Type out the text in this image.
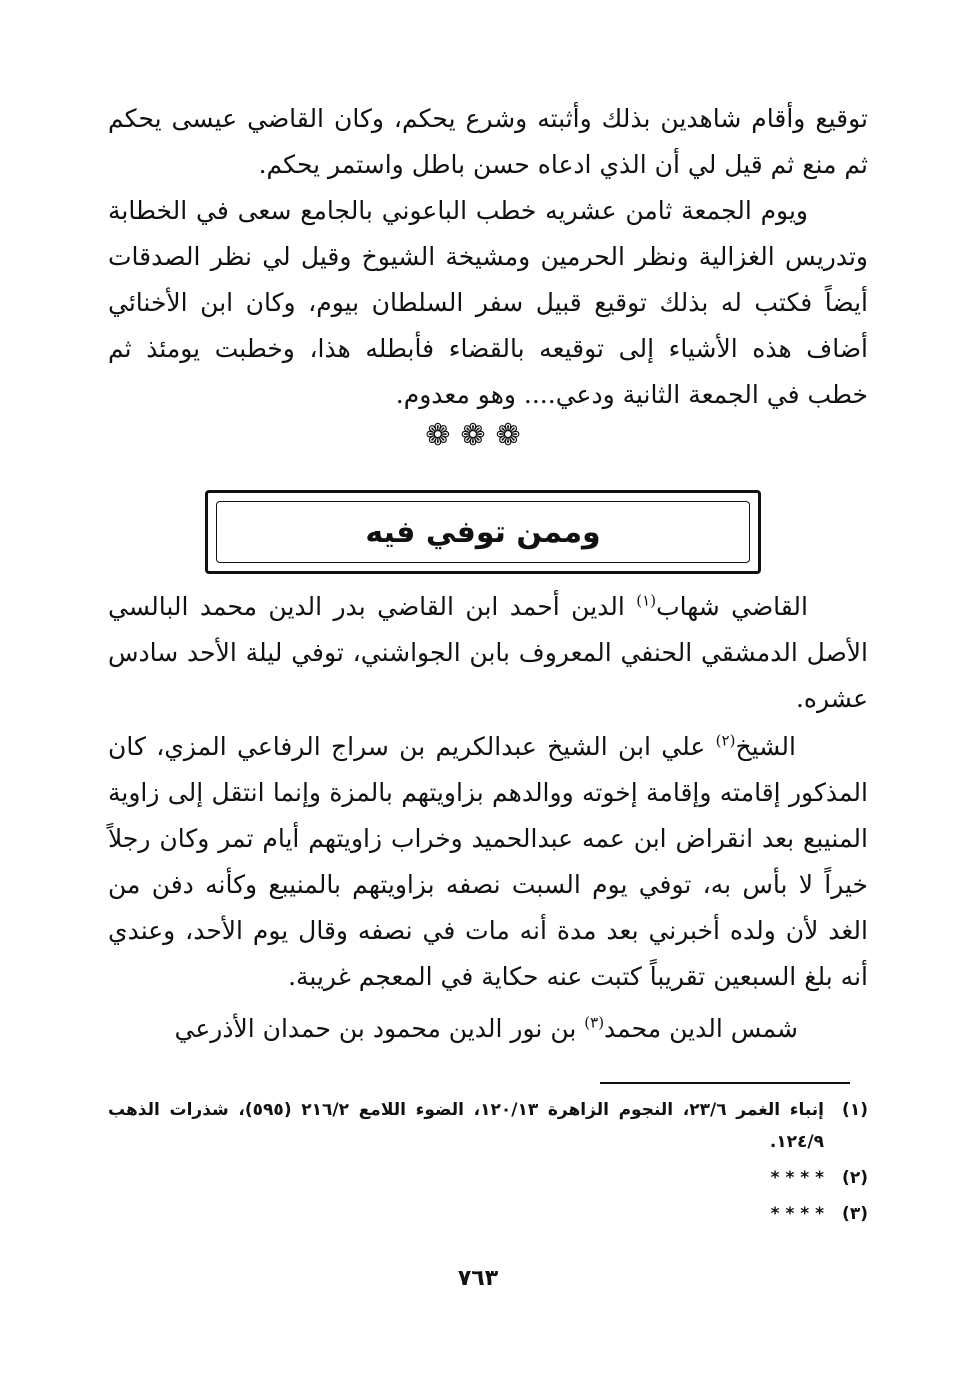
توقيع وأقام شاهدين بذلك وأثبته وشرع يحكم، وكان القاضي عيسى يحكم ثم منع ثم قيل لي أن الذي ادعاه حسن باطل واستمر يحكم.

ويوم الجمعة ثامن عشريه خطب الباعوني بالجامع سعى في الخطابة وتدريس الغزالية ونظر الحرمين ومشيخة الشيوخ وقيل لي نظر الصدقات أيضاً فكتب له بذلك توقيع قبيل سفر السلطان بيوم، وكان ابن الأخنائي أضاف هذه الأشياء إلى توقيعه بالقضاء فأبطله هذا، وخطبت يومئذ ثم خطب في الجمعة الثانية ودعي.... وهو معدوم.

❁❁❁
وممن توفي فيه

القاضي شهاب$^{(١)}$ الدين أحمد ابن القاضي بدر الدين محمد البالسي الأصل الدمشقي الحنفي المعروف بابن الجواشني، توفي ليلة الأحد سادس عشره.

الشيخ$^{(٢)}$ علي ابن الشيخ عبدالكريم بن سراج الرفاعي المزي، كان المذكور إقامته وإقامة إخوته ووالدهم بزاويتهم بالمزة وإنما انتقل إلى زاوية المنيبع بعد انقراض ابن عمه عبدالحميد وخراب زاويتهم أيام تمر وكان رجلاً خيراً لا بأس به، توفي يوم السبت نصفه بزاويتهم بالمنيبع وكأنه دفن من الغد لأن ولده أخبرني بعد مدة أنه مات في نصفه وقال يوم الأحد، وعندي أنه بلغ السبعين تقريباً كتبت عنه حكاية في المعجم غريبة.

شمس الدين محمد$^{(٣)}$ بن نور الدين محمود بن حمدان الأذرعي

(١)
إنباء الغمر ٢٣/٦، النجوم الزاهرة ١٢٠/١٣، الضوء اللامع ٢١٦/٢ (٥٩٥)، شذرات الذهب ١٢٤/٩.
(٢)
* * * *
(٣)
* * * *
٧٦٣
